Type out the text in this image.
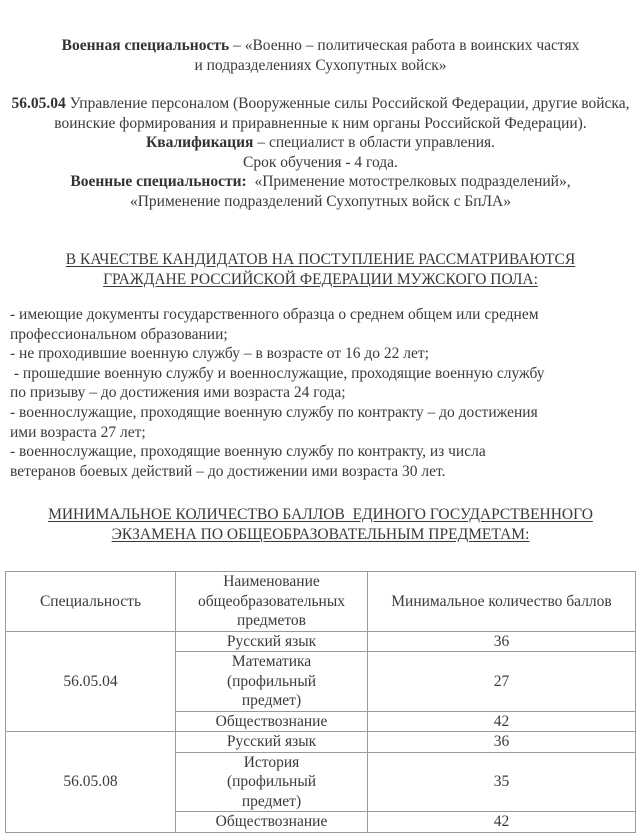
Военная специальность – «Военно – политическая работа в воинских частях и подразделениях Сухопутных войск»
56.05.04 Управление персоналом (Вооруженные силы Российской Федерации, другие войска, воинские формирования и приравненные к ним органы Российской Федерации).
Квалификация – специалист в области управления.
Срок обучения - 4 года.
Военные специальности:  «Применение мотострелковых подразделений»,
«Применение подразделений Сухопутных войск с БпЛА»
В КАЧЕСТВЕ КАНДИДАТОВ НА ПОСТУПЛЕНИЕ РАССМАТРИВАЮТСЯ
ГРАЖДАНЕ РОССИЙСКОЙ ФЕДЕРАЦИИ МУЖСКОГО ПОЛА:
- имеющие документы государственного образца о среднем общем или среднем
профессиональном образовании;
- не проходившие военную службу – в возрасте от 16 до 22 лет;
- прошедшие военную службу и военнослужащие, проходящие военную службу
по призыву – до достижения ими возраста 24 года;
- военнослужащие, проходящие военную службу по контракту – до достижения
ими возраста 27 лет;
- военнослужащие, проходящие военную службу по контракту, из числа
ветеранов боевых действий – до достижении ими возраста 30 лет.
МИНИМАЛЬНОЕ КОЛИЧЕСТВО БАЛЛОВ  ЕДИНОГО ГОСУДАРСТВЕННОГО
ЭКЗАМЕНА ПО ОБЩЕОБРАЗОВАТЕЛЬНЫМ ПРЕДМЕТАМ:
Специальность	Наименование общеобразовательных предметов	Минимальное количество баллов
56.05.04	Русский язык	36
	Математика (профильный предмет)	27
	Обществознание	42
56.05.08	Русский язык	36
	История (профильный предмет)	35
	Обществознание	42
